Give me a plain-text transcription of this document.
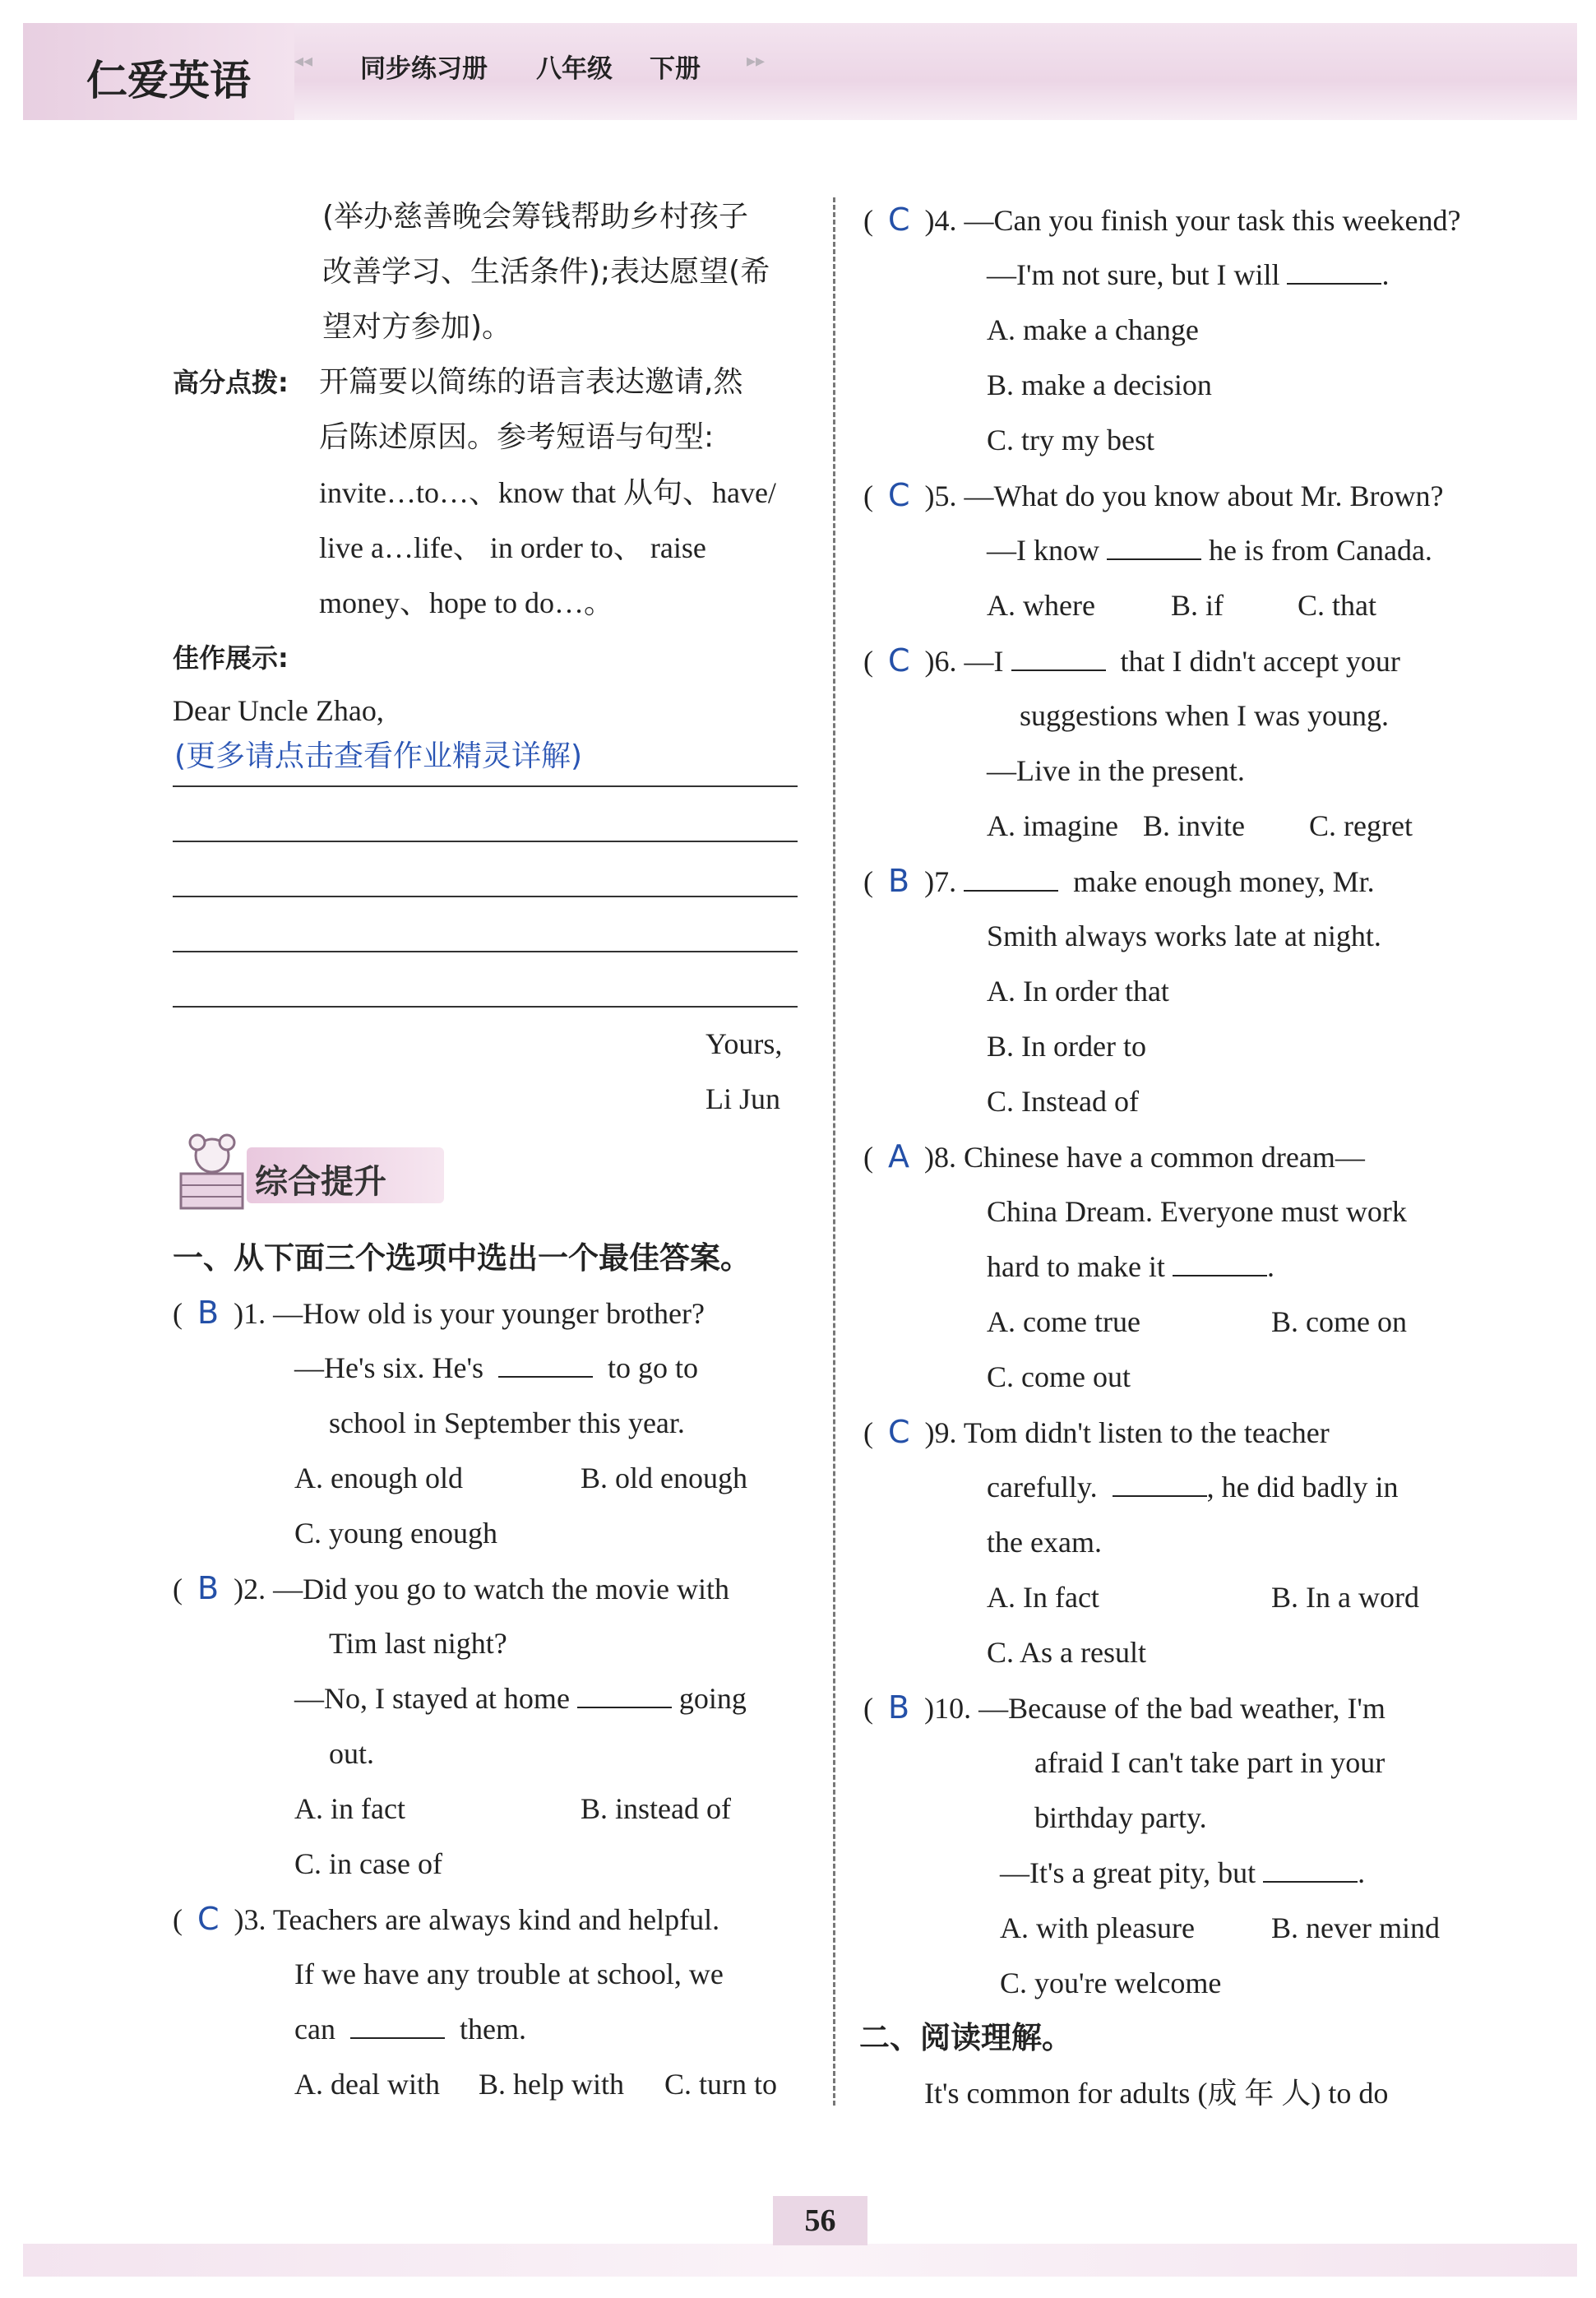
仁爱英语 ◂◂ 同步练习册 八年级 下册	▸▸
(举办慈善晚会筹钱帮助乡村孩子
改善学习、生活条件);表达愿望(希
望对方参加)。
高分点拨: 开篇要以简练的语言表达邀请,然
后陈述原因。参考短语与句型:
invite…to…、know that 从句、have/
live a…life、 in order to、 raise
money、hope to do…。
佳作展示:
Dear Uncle Zhao,
(更多请点击查看作业精灵详解)
Yours,
Li Jun
综合提升
一、从下面三个选项中选出一个最佳答案。
( B )1. —How old is your younger brother?
—He's six. He's	to go to
school in September this year.
A. enough old	B. old enough
C. young enough
( B )2. —Did you go to watch the movie with
Tim last night?
—No, I stayed at home	going
out.
A. in fact	B. instead of
C. in case of
( C )3. Teachers are always kind and helpful.
If we have any trouble at school, we
can	them.
A. deal with B. help with C. turn to
( C )4. —Can you finish your task this weekend?
—I'm not sure, but I will	.
A. make a change
B. make a decision
C. try my best
( C )5. —What do you know about Mr. Brown?
—I know	he is from Canada.
A. where	B. if C. that
( C )6. —I	that I didn't accept your
suggestions when I was young.
—Live in the present.
A. imagine B. invite C. regret
( B )7.	make enough money, Mr.
Smith always works late at night.
A. In order that
B. In order to
C. Instead of
( A )8. Chinese have a common dream—
China Dream. Everyone must work
hard to make it	.
A. come true	B. come on
C. come out
( C )9. Tom didn't listen to the teacher
carefully.	, he did badly in
the exam.
A. In fact	B. In a word
C. As a result
( B )10. —Because of the bad weather, I'm
afraid I can't take part in your
birthday party.
—It's a great pity, but	.
A. with pleasure	B. never mind
C. you're welcome
二、阅读理解。
It's common for adults (成 年 人) to do
56
